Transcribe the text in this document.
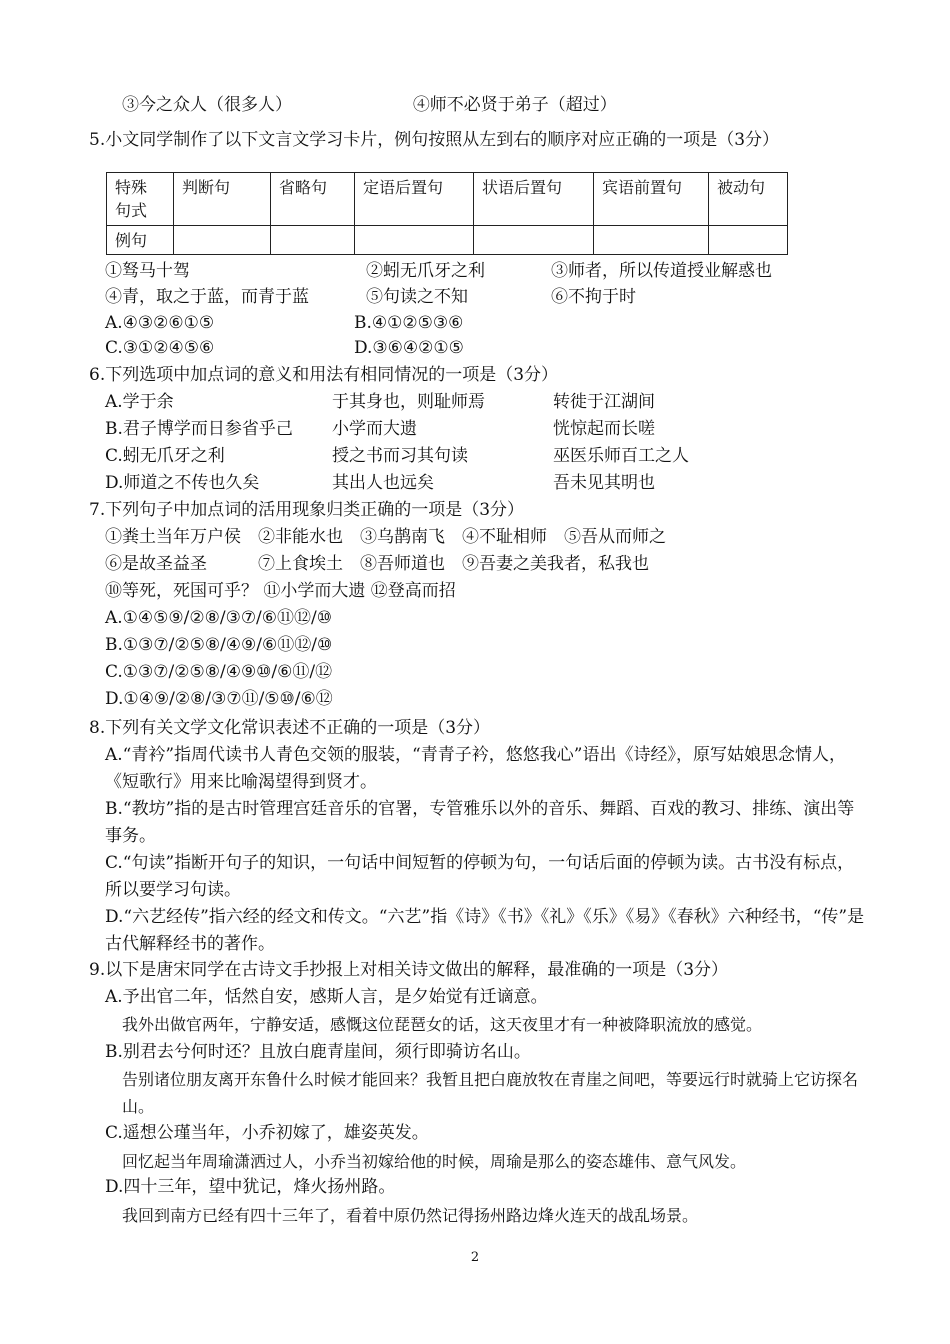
③今之众人（很多人）	④师不必贤于弟子（超过）
5.小文同学制作了以下文言文学习卡片，例句按照从左到右的顺序对应正确的一项是（3分）
特殊
句式	判断句	省略句	定语后置句	状语后置句	宾语前置句	被动句
例句						
①驽马十驾	②蚓无爪牙之利	③师者，所以传道授业解惑也
④青，取之于蓝，而青于蓝	⑤句读之不知	⑥不拘于时
A.④③②⑥①⑤	B.④①②⑤③⑥
C.③①②④⑤⑥	D.③⑥④②①⑤
6.下列选项中加点词的意义和用法有相同情况的一项是（3分）
A.学于余	于其身也，则耻师焉	转徙于江湖间
B.君子博学而日参省乎己 小学而大遗	恍惊起而长嗟
C.蚓无爪牙之利	授之书而习其句读	巫医乐师百工之人
D.师道之不传也久矣	其出人也远矣	吾未见其明也
7.下列句子中加点词的活用现象归类正确的一项是（3分）
①粪土当年万户侯　②非能水也　③乌鹊南飞　④不耻相师　⑤吾从而师之
⑥是故圣益圣　　　⑦上食埃土　⑧吾师道也　⑨吾妻之美我者，私我也
⑩等死，死国可乎？ ⑪小学而大遗 ⑫登高而招
A.①④⑤⑨/②⑧/③⑦/⑥⑪⑫/⑩
B.①③⑦/②⑤⑧/④⑨/⑥⑪⑫/⑩
C.①③⑦/②⑤⑧/④⑨⑩/⑥⑪/⑫
D.①④⑨/②⑧/③⑦⑪/⑤⑩/⑥⑫
8.下列有关文学文化常识表述不正确的一项是（3分）
A.“青衿”指周代读书人青色交领的服装，“青青子衿，悠悠我心”语出《诗经》，原写姑娘思念情人，《短歌行》用来比喻渴望得到贤才。
B.“教坊”指的是古时管理宫廷音乐的官署，专管雅乐以外的音乐、舞蹈、百戏的教习、排练、演出等事务。
C.“句读”指断开句子的知识，一句话中间短暂的停顿为句，一句话后面的停顿为读。古书没有标点，所以要学习句读。
D.“六艺经传”指六经的经文和传文。“六艺”指《诗》《书》《礼》《乐》《易》《春秋》六种经书，“传”是古代解释经书的著作。
9.以下是唐宋同学在古诗文手抄报上对相关诗文做出的解释，最准确的一项是（3分）
A.予出官二年，恬然自安，感斯人言，是夕始觉有迁谪意。
我外出做官两年，宁静安适，感慨这位琵琶女的话，这天夜里才有一种被降职流放的感觉。
B.别君去兮何时还？且放白鹿青崖间，须行即骑访名山。
告别诸位朋友离开东鲁什么时候才能回来？我暂且把白鹿放牧在青崖之间吧，等要远行时就骑上它访探名山。
C.遥想公瑾当年，小乔初嫁了，雄姿英发。
回忆起当年周瑜潇洒过人，小乔当初嫁给他的时候，周瑜是那么的姿态雄伟、意气风发。
D.四十三年，望中犹记，烽火扬州路。
我回到南方已经有四十三年了，看着中原仍然记得扬州路边烽火连天的战乱场景。
2
